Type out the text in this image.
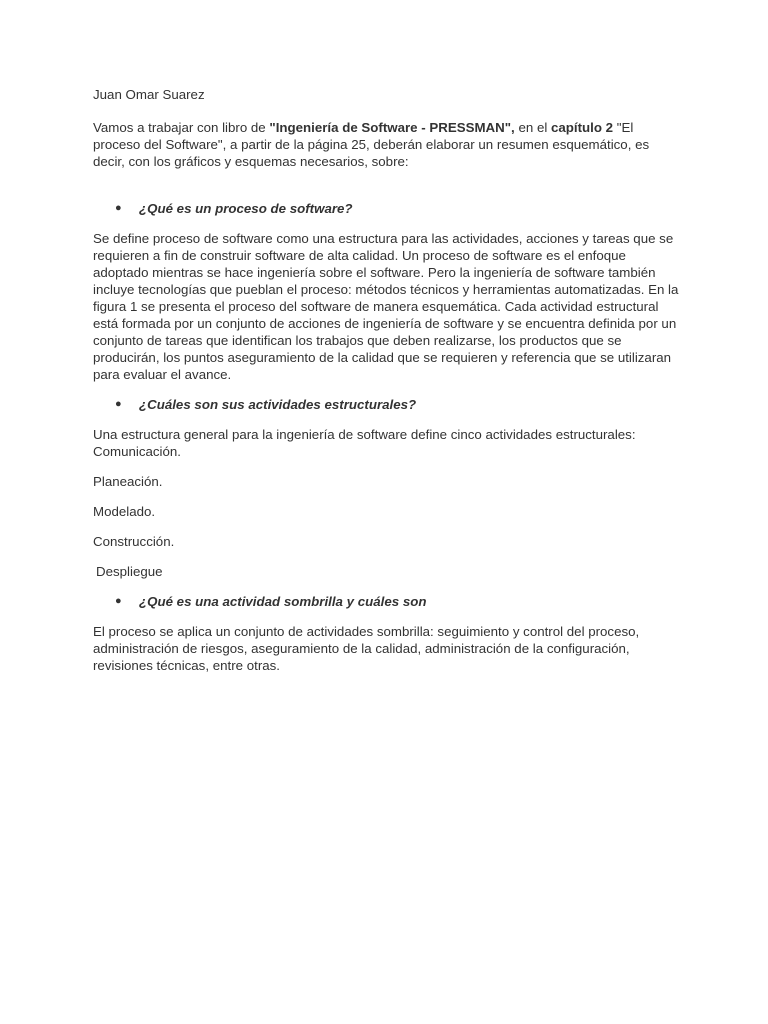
Juan Omar Suarez

Vamos a trabajar con libro de "Ingeniería de Software - PRESSMAN", en el capítulo 2 "El proceso del Software", a partir de la página 25, deberán elaborar un resumen esquemático, es decir, con los gráficos y esquemas necesarios, sobre:

● ¿Qué es un proceso de software?

Se define proceso de software como una estructura para las actividades, acciones y tareas que se requieren a fin de construir software de alta calidad. Un proceso de software es el enfoque adoptado mientras se hace ingeniería sobre el software. Pero la ingeniería de software también incluye tecnologías que pueblan el proceso: métodos técnicos y herramientas automatizadas. En la figura 1 se presenta el proceso del software de manera esquemática. Cada actividad estructural está formada por un conjunto de acciones de ingeniería de software y se encuentra definida por un conjunto de tareas que identifican los trabajos que deben realizarse, los productos que se producirán, los puntos aseguramiento de la calidad que se requieren y referencia que se utilizaran para evaluar el avance.

● ¿Cuáles son sus actividades estructurales?

Una estructura general para la ingeniería de software define cinco actividades estructurales: Comunicación.

Planeación.

Modelado.

Construcción.

Despliegue

● ¿Qué es una actividad sombrilla y cuáles son

El proceso se aplica un conjunto de actividades sombrilla: seguimiento y control del proceso, administración de riesgos, aseguramiento de la calidad, administración de la configuración, revisiones técnicas, entre otras.
